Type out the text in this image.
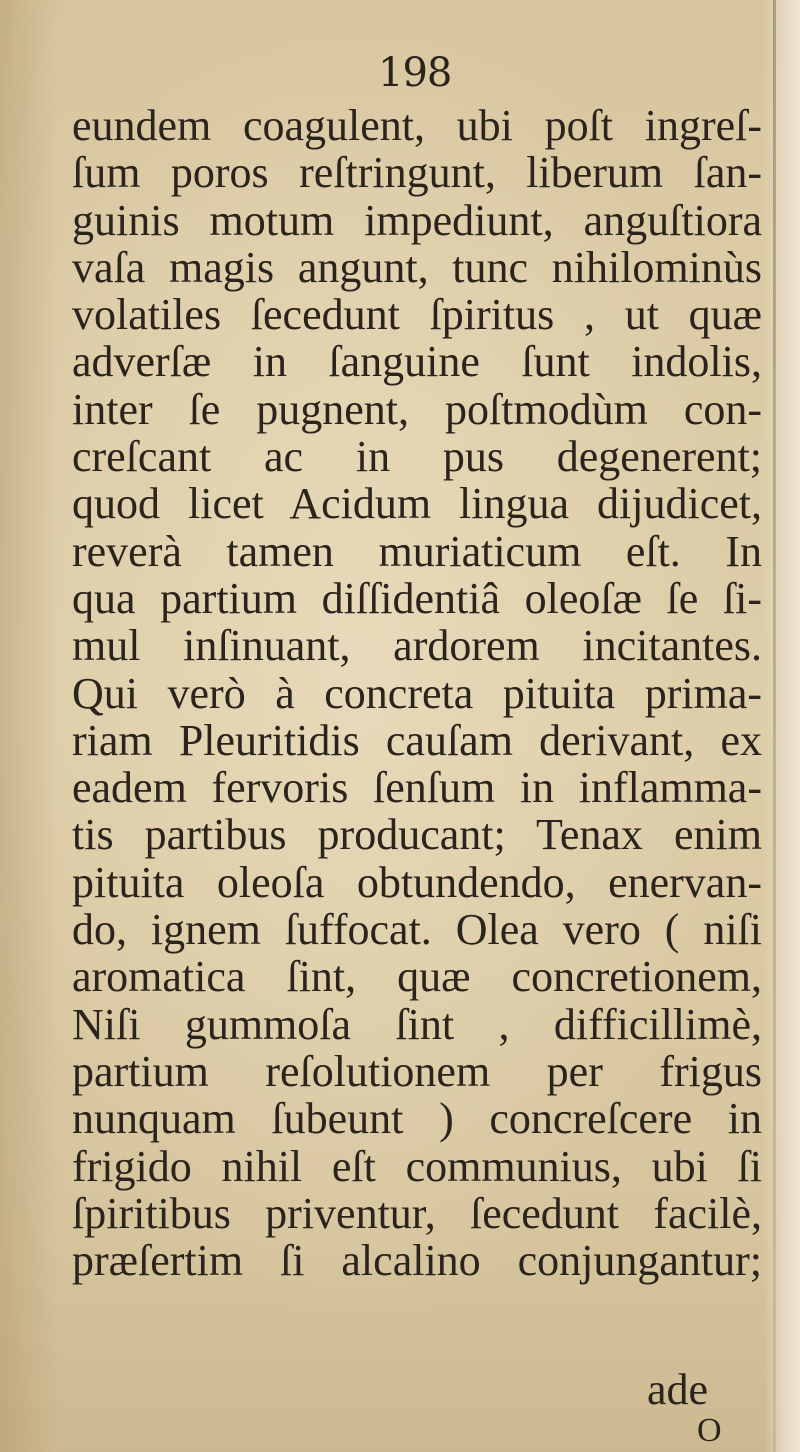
198
eundem coagulent, ubi poſt ingreſ-
ſum poros reſtringunt, liberum ſan-
guinis motum impediunt, anguſtiora
vaſa magis angunt, tunc nihilominùs
volatiles ſecedunt ſpiritus , ut quæ
adverſæ in ſanguine ſunt indolis,
inter ſe pugnent, poſtmodùm con-
creſcant ac in pus degenerent;
quod licet Acidum lingua dijudicet,
reverà tamen muriaticum eſt. In
qua partium diſſidentiâ oleoſæ ſe ſi-
mul inſinuant, ardorem incitantes.
Qui verò à concreta pituita prima-
riam Pleuritidis cauſam derivant, ex
eadem fervoris ſenſum in inflamma-
tis partibus producant; Tenax enim
pituita oleoſa obtundendo, enervan-
do, ignem ſuffocat. Olea vero ( niſi
aromatica ſint, quæ concretionem,
Niſi gummoſa ſint , difficillimè,
partium reſolutionem per frigus
nunquam ſubeunt ) concreſcere in
frigido nihil eſt communius, ubi ſi
ſpiritibus priventur, ſecedunt facilè,
præſertim ſi alcalino conjungantur;
ade
O
